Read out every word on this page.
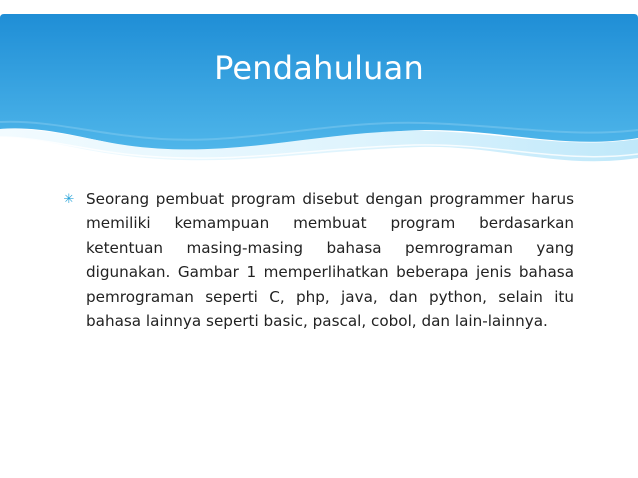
Pendahuluan
✳ Seorang pembuat program disebut dengan programmer harus memiliki kemampuan membuat program berdasarkan ketentuan masing-masing bahasa pemrograman yang digunakan. Gambar 1 memperlihatkan beberapa jenis bahasa pemrograman seperti C, php, java, dan python, selain itu bahasa lainnya seperti basic, pascal, cobol, dan lain-lainnya.
